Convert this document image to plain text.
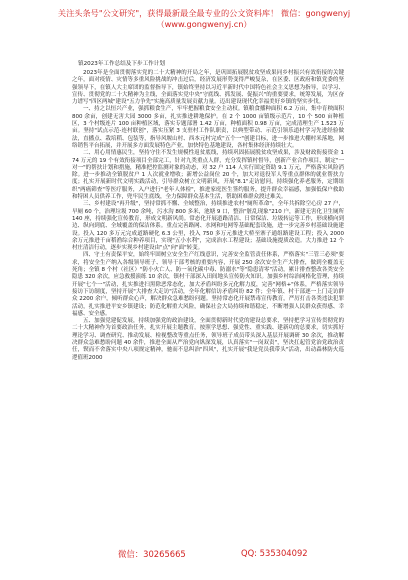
关注头条号"公文研究"，获得最新最全最专业的公文资料库！ 微信：gongwenyj
（www.gongwenyj.cn）
镇2023年工作总结及下步工作计划

2023年是全面贯彻落实党的二十大精神的开局之年，是巩固拓展脱贫攻坚成果同乡村振兴有效衔接的关键之年，面对疫情、灾情等多重风险挑战的冲击过后，经济发展形势变得严峻复杂，在区委、区政府和镇党委的坚强领导下，在镇人大主席团的监督指导下，镇始终坚持以习近平新时代中国特色社会主义思想为指导，以学习、宣传、贯彻党的二十大精神为主线，全面落实党中央"守底线、抓发展、促振兴"的重要要求，统筹发展，为区奋力谱写"四区两城"建设"五力争先"实施高质量发展贡献力量。迈出建设现代化幸福美好乡镇的坚实步伐。

一、持之以恒兴产业，强抓粮食生产，牢牢把握粮食安全主动权。镇粮食播种面积 6.2 万亩，集中育秧面积 800 余亩，创建无害大园 3000 多亩，扎实推进耕地保护。在 2 个 1000 亩镇级示范片，10 个 500 亩种植区，3 个村级连片 100 亩种植区域，落实专题部署 1.42 万亩，种植面积 0.98 万亩，完成清理生产 1.523 万亩。坚持"试点示范-连村联创"，落实压紧 3 支驻村工作队职责，以典型带动、示范引领乐道村学习先进经验做法，直播点、栽培稻、包装等，指导风堰山村、西本元村完成"五个一"创建目标，进一步推进大棚村米落地，网络销售平台拓展，并开展多方面发展特色产业，加快特色基地建设，各村集体经济持续壮大。

二、用心用情惠民生，坚持守住不发生规模性返贫底线，持续巩固拓展脱贫攻坚成果，涉及财政衔接资金 174 万元的 19 个有效衔接项目全部完工，针对九类重点人群，充分发挥镇村督导，创新产业合作项目，制定"一对一"的帮扶计划和措施，精准把控监测对象的动态，对 32 户 114 人实行固定资助 9.1 万元，严格落实风险消除。进一步推动全镇脱贫户 1 人次就业增收；新增公益岗位 20 个，加大对退役军人等重点群体的就业帮扶力度；扎实开展新时代文明实践活动，引导群众树立文明新风，开展"8.1"走访慰问，持续强化养老服务，定期组织"两癌筛查"等医疗服务，入户进行"老年人体检"，推进家庭医生签约服务，提升群众幸福感，加强低保户救助和特困人员供养工作，兜牢民生底线，全力保障群众基本生活，帮助困难群众渡过难关。

三、乡村建设"再升级"，坚持常抓不懈、全域整治，持续推进农村"厕所革命"，全年共拆除空心房 27 户，早厕 60 个，治理垃圾 700 余吨，污水沟 800 多米，池塘 9 口，整治"脏乱现象"210 户，新建无害化卫生厕所 140 座，持续强化宣传教育，形成文明新风尚。常态化开展道路清洁、日常保洁、垃圾转运等工作，形成横向到边、纵向到底、全域覆盖的保洁体系。重点完善路网、水网和电网等基础配套设施，进一步完善乡村基础设施建设。投入 120 多万元完成道路硬化 6.3 公里，投入 750 多万元推进大桥至寨子通组路建设工程；投入 2000 余万元推进千亩稻渔综合种养项目，实现"五小水利"，完成治水工程建设；基础设施提质改造。大力推进 12 个村庄清洁行动，逐步实现乡村建设由"点"向"面"转变。

四、守土有责保平安，始终牢固树立安全生产红线意识，完善安全监管责任体系，严格落实"三管三必须"要求，将安全生产纳入各级领导班子、领导干部考核的重要内容，开展 250 余次安全生产大排查，做到全覆盖无死角；全镇 8 个村（社区）"防小火亡人、防一氧化碳中毒、防溺水"等"隐患清零"活动，累计排查整改各类安全隐患 320 余次，应急救援演练 10 余次，镇村干部深入田间地头宣传防火知识。加强乡村综治网格化管理，持续开展"七个一"活动，扎实推进扫黑除恶常态化，加大矛盾纠纷多元化解力度，完善"网格+"体系，严格落实领导接访下访制度，坚持开展"大排查大走访"活动，全年化解信访矛盾纠纷 82 件；全年镇、村干部逐一上门走访群众 2200 余户，倾听群众心声，解决群众急难愁盼问题。坚持常态化开展禁毒宣传教育，严厉打击各类违法犯罪活动，扎实推进平安乡镇建设；防范化解重大风险，确保社会大局持续和谐稳定，不断增强人民群众获得感、幸福感、安全感。

五、加强党建促发展，持续加强党的政治建设，全面贯彻新时代党的建设总要求，坚持把学习宣传贯彻党的二十大精神作为首要政治任务，扎实开展主题教育，按照学思想、强党性、重实践、建新功的总要求，切实抓好理论学习、调查研究、推动发展、检视整改等重点任务，领导班子成员带头深入基层开展调研 30 余次，推动解决群众急难愁盼问题 40 余件，推进全面从严治党向纵深发展，认真落实"一岗双责"，坚决扛起管党治党政治责任，锲而不舍落实中央八项规定精神，驰而不息纠治"四风"，扎实开展"我是党员我带头"活动，出动森林防火巡逻值班2000

微信：30265665	QQ: 535304092
